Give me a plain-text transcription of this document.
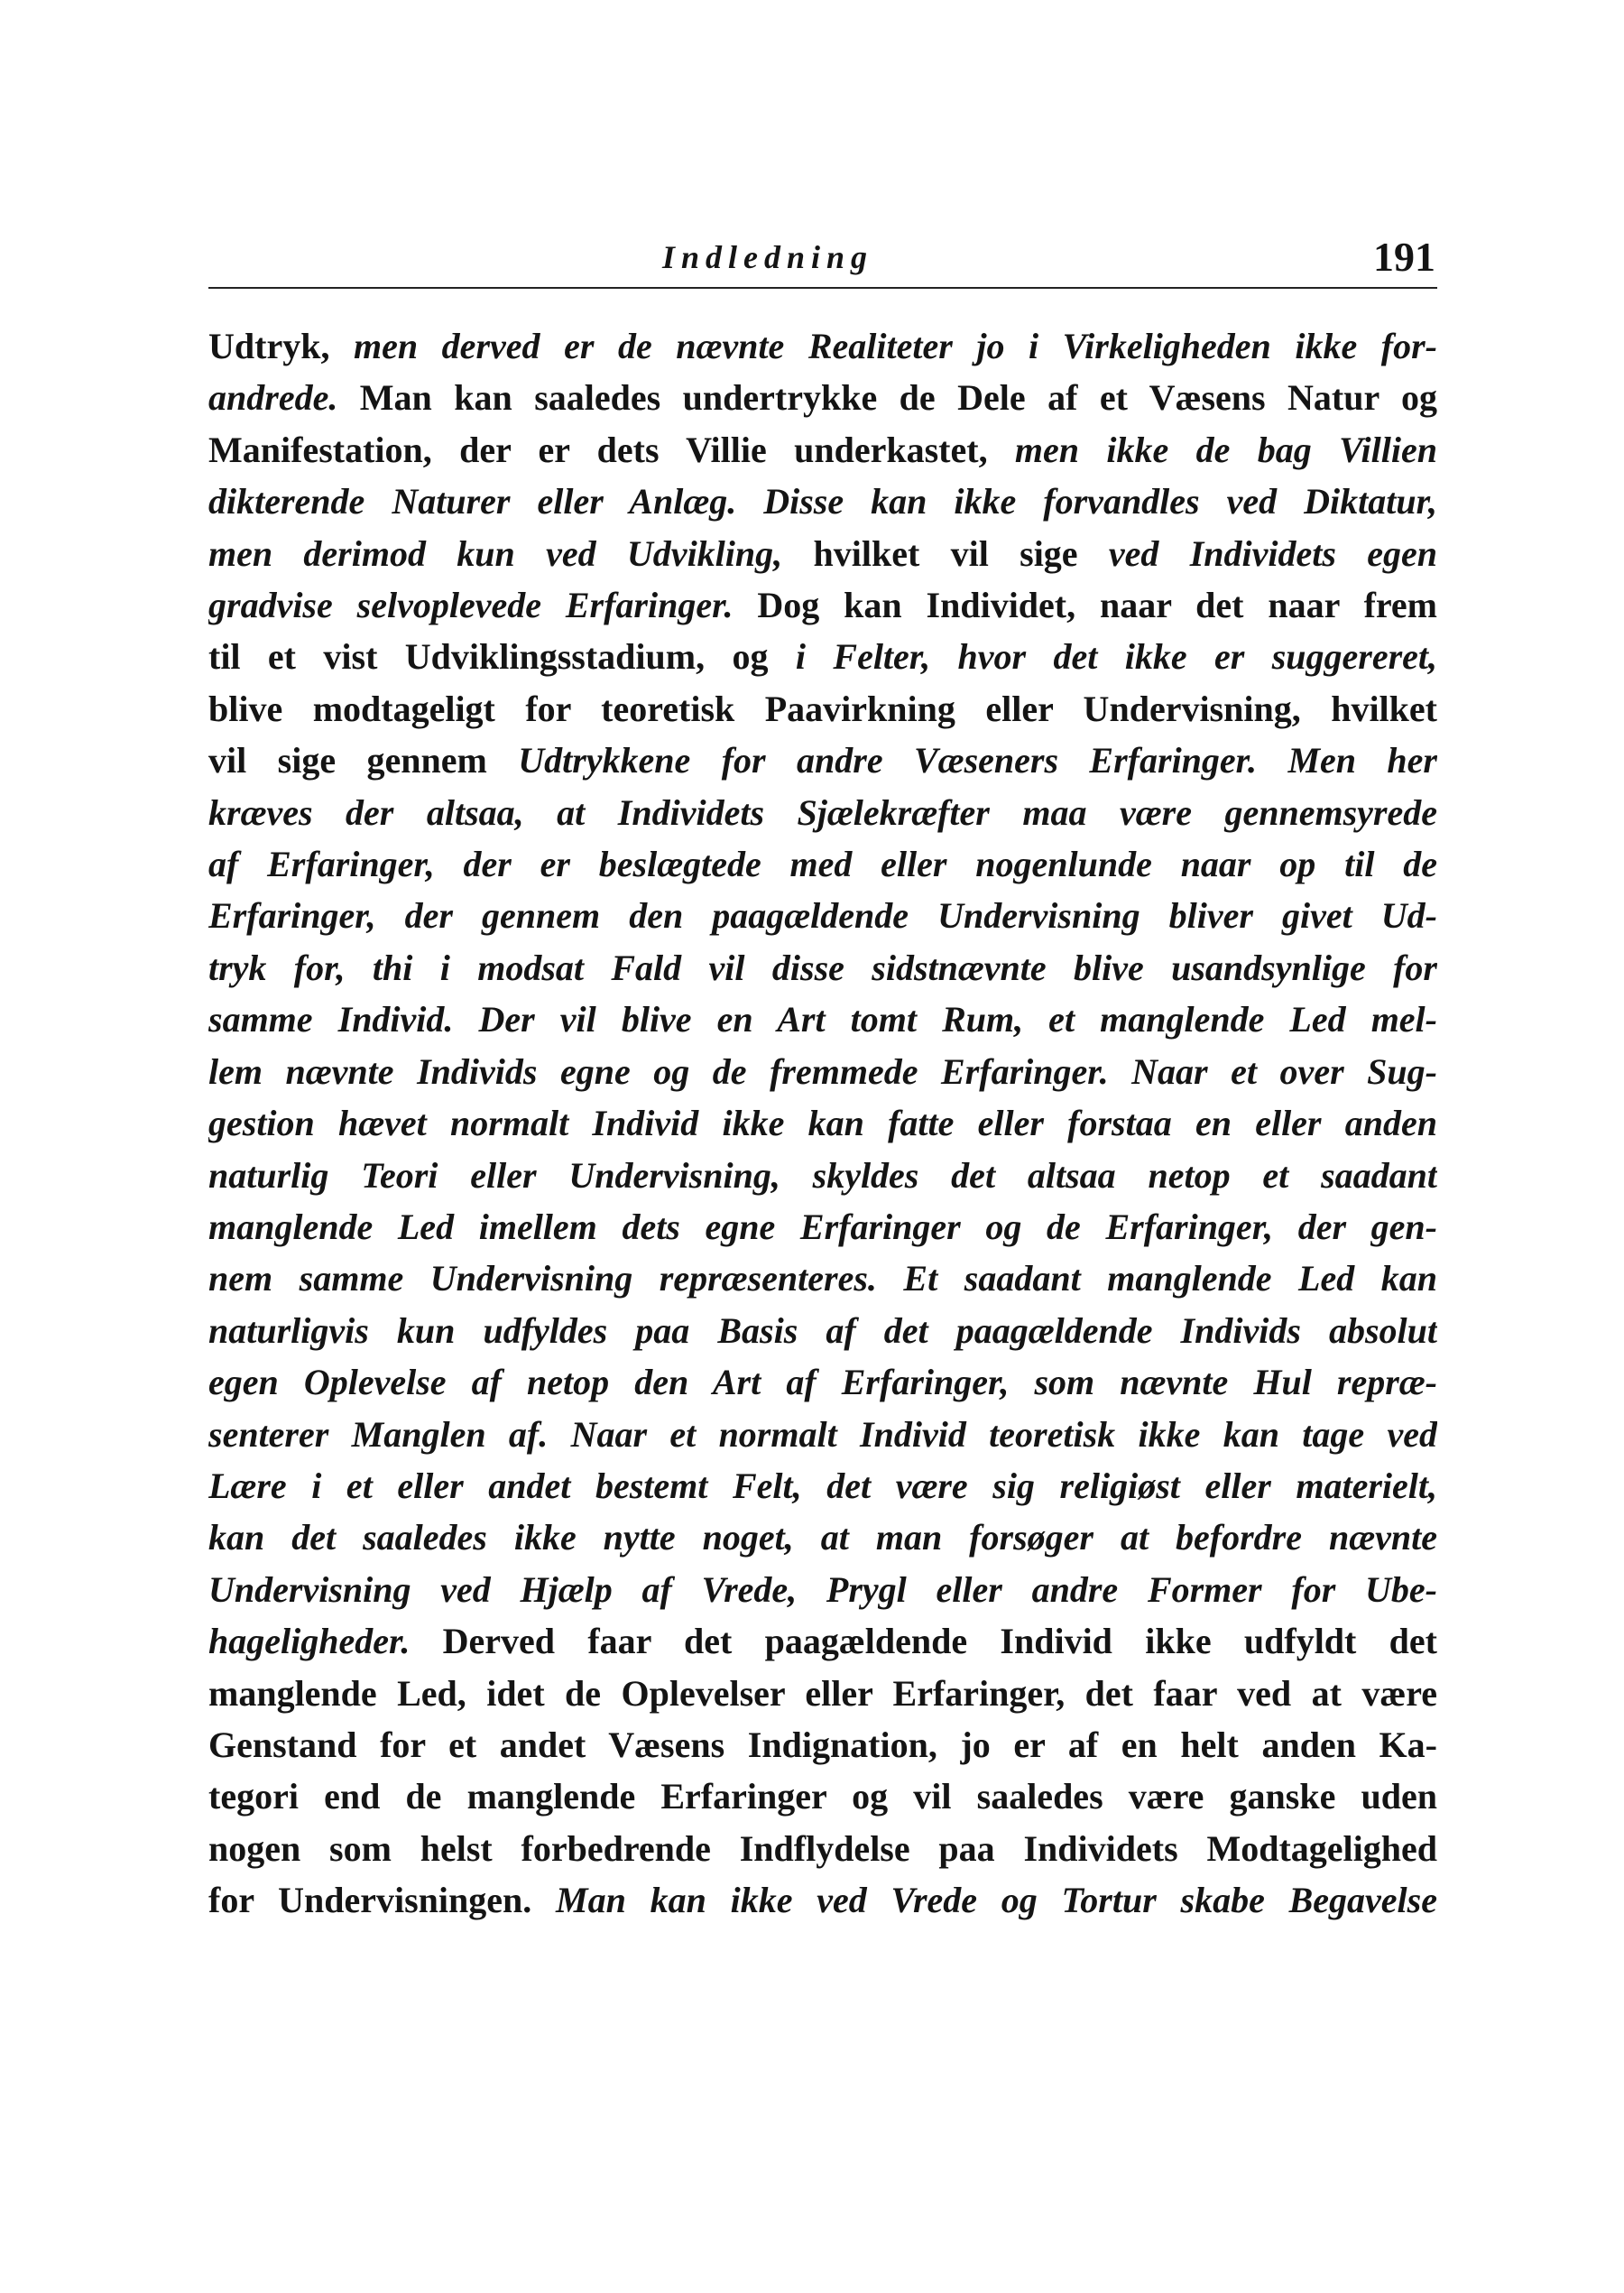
Indledning	191
Udtryk, men derved er de nævnte Realiteter jo i Virkeligheden ikke for-
andrede. Man kan saaledes undertrykke de Dele af et Væsens Natur og
Manifestation, der er dets Villie underkastet, men ikke de bag Villien
dikterende Naturer eller Anlæg. Disse kan ikke forvandles ved Diktatur,
men derimod kun ved Udvikling, hvilket vil sige ved Individets egen
gradvise selvoplevede Erfaringer. Dog kan Individet, naar det naar frem
til et vist Udviklingsstadium, og i Felter, hvor det ikke er suggereret,
blive modtageligt for teoretisk Paavirkning eller Undervisning, hvilket
vil sige gennem Udtrykkene for andre Væseners Erfaringer. Men her
kræves der altsaa, at Individets Sjælekræfter maa være gennemsyrede
af Erfaringer, der er beslægtede med eller nogenlunde naar op til de
Erfaringer, der gennem den paagældende Undervisning bliver givet Ud-
tryk for, thi i modsat Fald vil disse sidstnævnte blive usandsynlige for
samme Individ. Der vil blive en Art tomt Rum, et manglende Led mel-
lem nævnte Individs egne og de fremmede Erfaringer. Naar et over Sug-
gestion hævet normalt Individ ikke kan fatte eller forstaa en eller anden
naturlig Teori eller Undervisning, skyldes det altsaa netop et saadant
manglende Led imellem dets egne Erfaringer og de Erfaringer, der gen-
nem samme Undervisning repræsenteres. Et saadant manglende Led kan
naturligvis kun udfyldes paa Basis af det paagældende Individs absolut
egen Oplevelse af netop den Art af Erfaringer, som nævnte Hul repræ-
senterer Manglen af. Naar et normalt Individ teoretisk ikke kan tage ved
Lære i et eller andet bestemt Felt, det være sig religiøst eller materielt,
kan det saaledes ikke nytte noget, at man forsøger at befordre nævnte
Undervisning ved Hjælp af Vrede, Prygl eller andre Former for Ube-
hageligheder. Derved faar det paagældende Individ ikke udfyldt det
manglende Led, idet de Oplevelser eller Erfaringer, det faar ved at være
Genstand for et andet Væsens Indignation, jo er af en helt anden Ka-
tegori end de manglende Erfaringer og vil saaledes være ganske uden
nogen som helst forbedrende Indflydelse paa Individets Modtagelighed
for Undervisningen. Man kan ikke ved Vrede og Tortur skabe Begavelse
